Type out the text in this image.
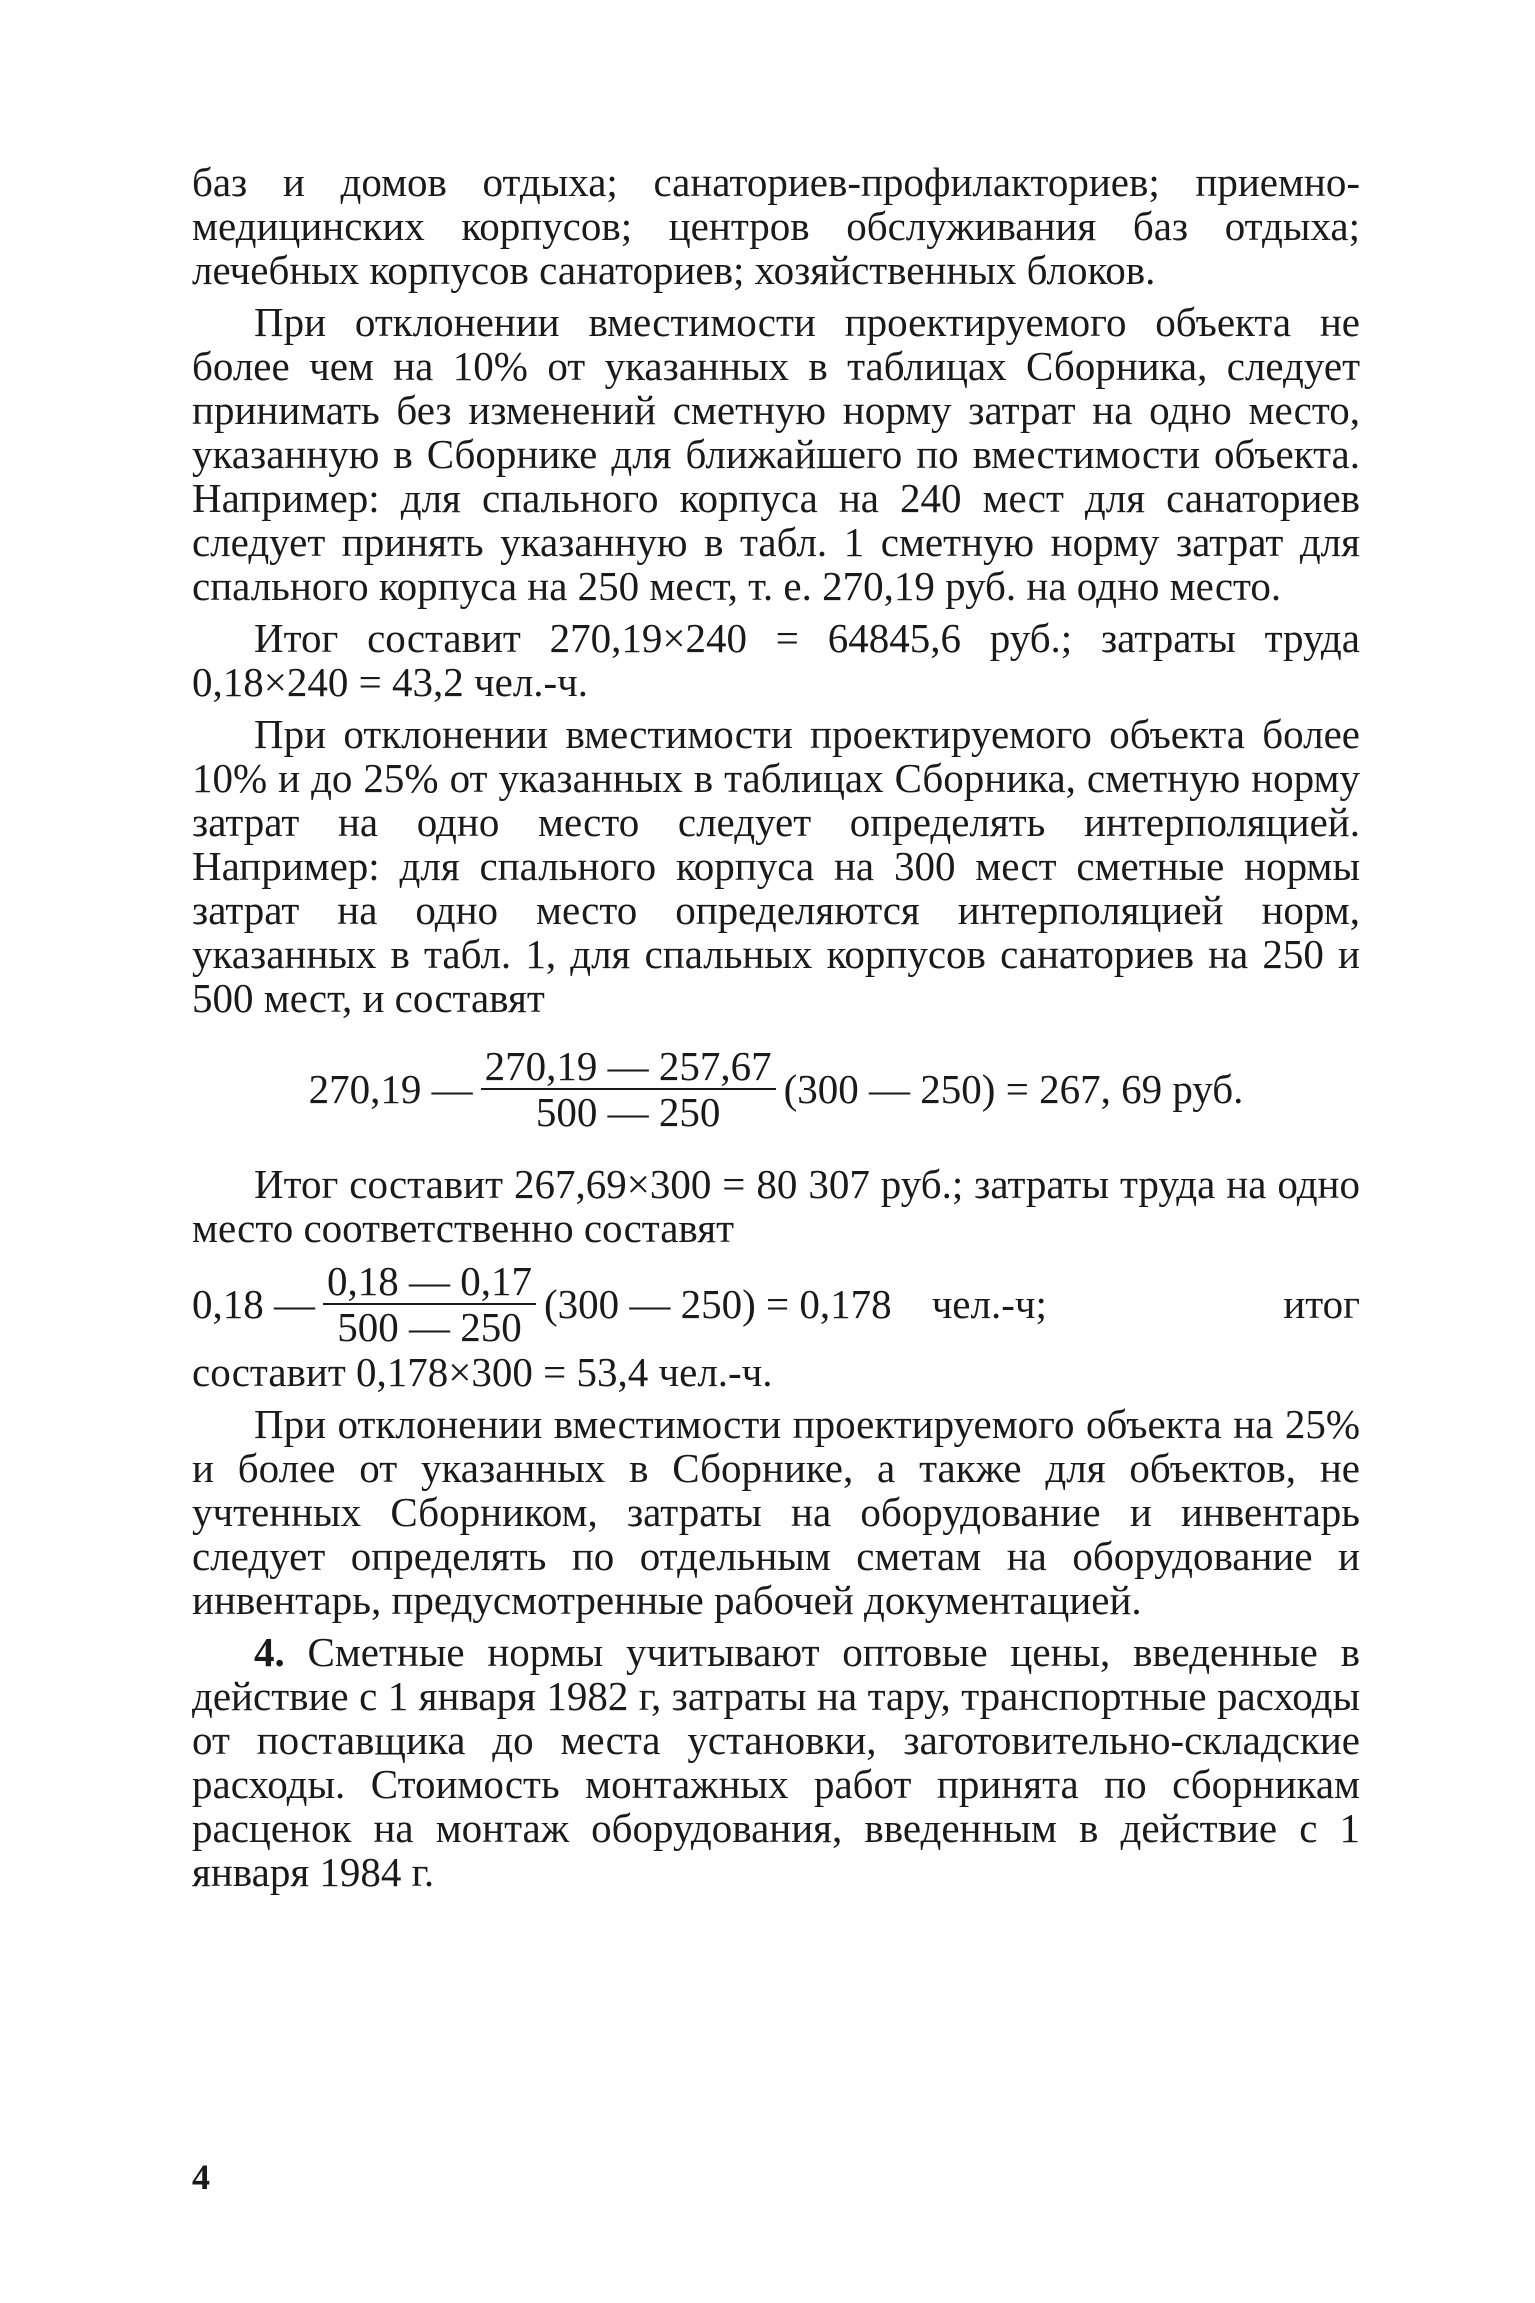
баз и домов отдыха; санаториев-профилакториев; приемно-медицинских корпусов; центров обслуживания баз отдыха; лечебных корпусов санаториев; хозяйственных блоков.

При отклонении вместимости проектируемого объекта не более чем на 10% от указанных в таблицах Сборника, следует принимать без изменений сметную норму затрат на одно место, указанную в Сборнике для ближайшего по вместимости объекта. Например: для спального корпуса на 240 мест для санаториев следует принять указанную в табл. 1 сметную норму затрат для спального корпуса на 250 мест, т. е. 270,19 руб. на одно место.

Итог составит 270,19×240 = 64845,6 руб.; затраты труда 0,18×240 = 43,2 чел.-ч.

При отклонении вместимости проектируемого объекта более 10% и до 25% от указанных в таблицах Сборника, сметную норму затрат на одно место следует определять интерполяцией. Например: для спального корпуса на 300 мест сметные нормы затрат на одно место определяются интерполяцией норм, указанных в табл. 1, для спальных корпусов санаториев на 250 и 500 мест, и составят

270,19 — $\frac{270,19 — 257,67}{500 — 250} (300$ — 250) = 267, 69 руб.

Итог составит 267,69×300 = 80 307 руб.; затраты труда на одно место соответственно составят

0,18 — $\frac{0,18 — 0,17}{500 — 250} (300$ — 250) = 0,178 чел.-ч;	итог

составит 0,178×300 = 53,4 чел.-ч.

При отклонении вместимости проектируемого объекта на 25% и более от указанных в Сборнике, а также для объектов, не учтенных Сборником, затраты на оборудование и инвентарь следует определять по отдельным сметам на оборудование и инвентарь, предусмотренные рабочей документацией.

4. Сметные нормы учитывают оптовые цены, введенные в действие с 1 января 1982 г, затраты на тару, транспортные расходы от поставщика до места установки, заготовительно-складские расходы. Стоимость монтажных работ принята по сборникам расценок на монтаж оборудования, введенным в действие с 1 января 1984 г.

4
